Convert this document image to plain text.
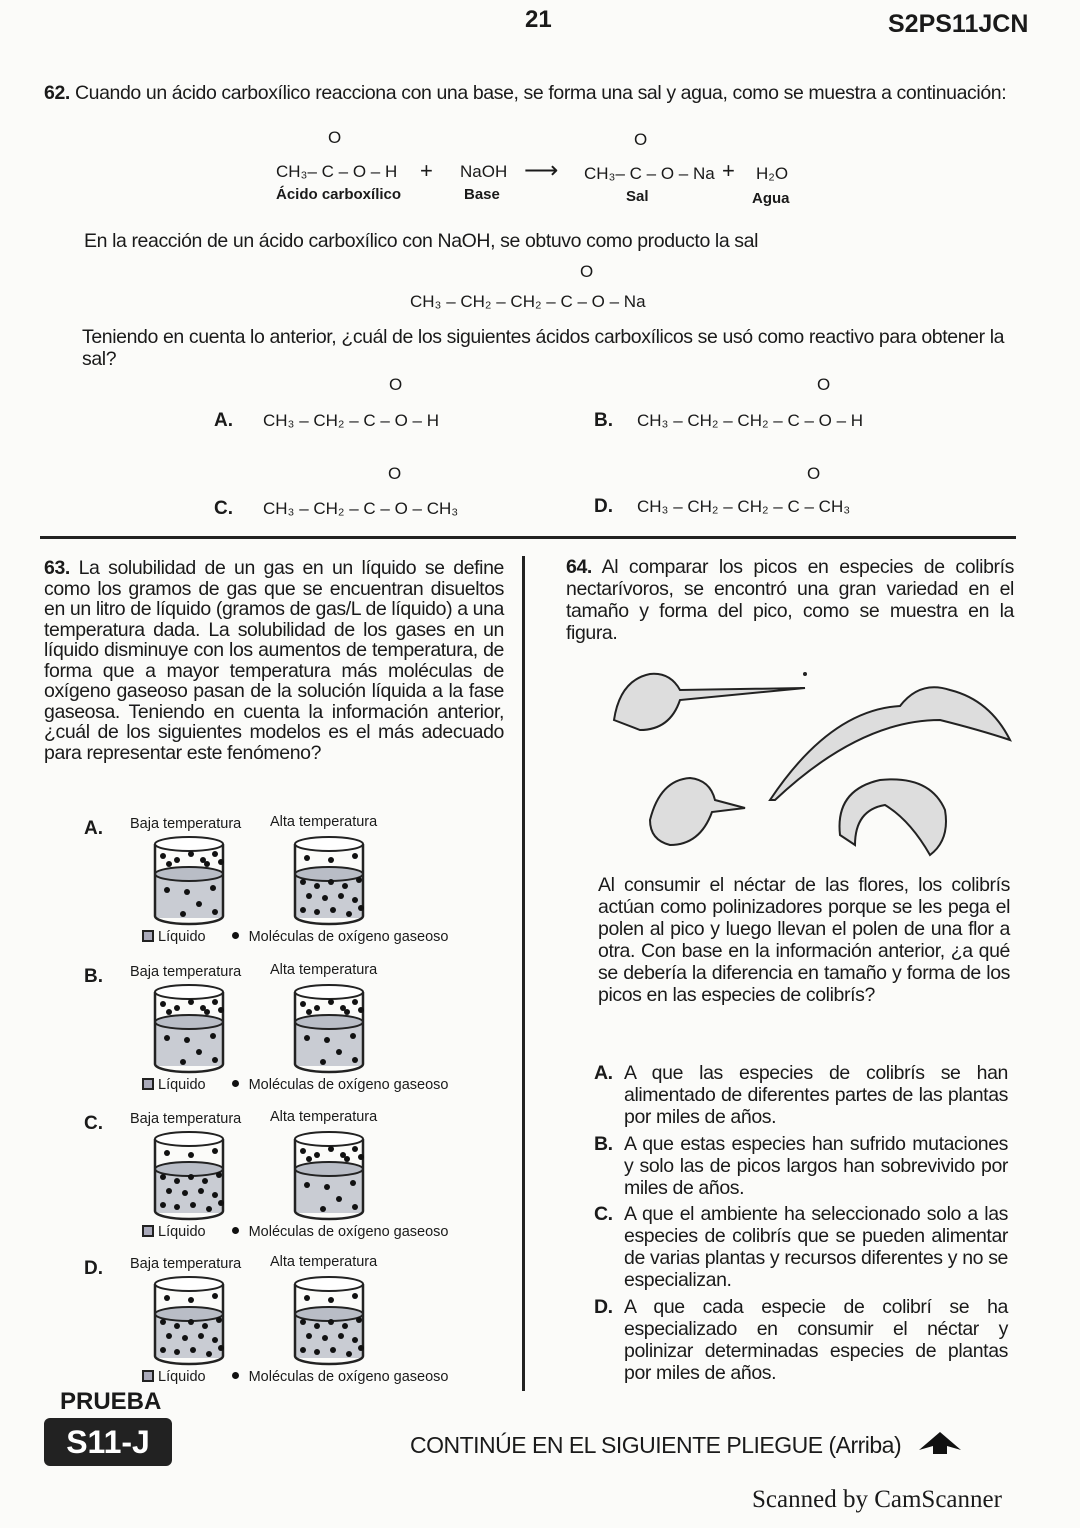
21	S2PS11JCN
62. Cuando un ácido carboxílico reacciona con una base, se forma una sal y agua, como se muestra a continuación:
O
CH₃– C – O – H + NaOH ⟶
O
CH₃– C – O – Na + H₂O
Ácido carboxílico	Base	Sal	Agua
En la reacción de un ácido carboxílico con NaOH, se obtuvo como producto la sal
O
CH₃ – CH₂ – CH₂ – C – O – Na
Teniendo en cuenta lo anterior, ¿cuál de los siguientes ácidos carboxílicos se usó como reactivo para obtener la sal?
A. CH₃ – CH₂ – C – O – H
O
B. CH₃ – CH₂ – CH₂ – C – O – H
O
C. CH₃ – CH₂ – C – O – CH₃
O
D. CH₃ – CH₂ – CH₂ – C – CH₃
O
63. La solubilidad de un gas en un líquido se define como los gramos de gas que se encuentran disueltos en un litro de líquido (gramos de gas/L de líquido) a una temperatura dada. La solubilidad de los gases en un líquido disminuye con los aumentos de temperatura, de forma que a mayor temperatura más moléculas de oxígeno gaseoso pasan de la solución líquida a la fase gaseosa. Teniendo en cuenta la información anterior, ¿cuál de los siguientes modelos es el más adecuado para representar este fenómeno?
A. Baja temperatura Alta temperatura
Líquido	Moléculas de oxígeno gaseoso
B. Baja temperatura Alta temperatura
Líquido	Moléculas de oxígeno gaseoso
C. Baja temperatura Alta temperatura
Líquido	Moléculas de oxígeno gaseoso
D. Baja temperatura Alta temperatura
Líquido	Moléculas de oxígeno gaseoso
64. Al comparar los picos en especies de colibrís nectarívoros, se encontró una gran variedad en el tamaño y forma del pico, como se muestra en la figura.
Al consumir el néctar de las flores, los colibrís actúan como polinizadores porque se les pega el polen al pico y luego llevan el polen de una flor a otra. Con base en la información anterior, ¿a qué se debería la diferencia en tamaño y forma de los picos en las especies de colibrís?
A. A que las especies de colibrís se han alimentado de diferentes partes de las plantas por miles de años.
B. A que estas especies han sufrido mutaciones y solo las de picos largos han sobrevivido por miles de años.
C. A que el ambiente ha seleccionado solo a las especies de colibrís que se pueden alimentar de varias plantas y recursos diferentes y no se especializan.
D. A que cada especie de colibrí se ha especializado en consumir el néctar y polinizar determinadas especies de plantas por miles de años.
PRUEBA
S11-J	CONTINÚE EN EL SIGUIENTE PLIEGUE (Arriba)
Scanned by CamScanner
